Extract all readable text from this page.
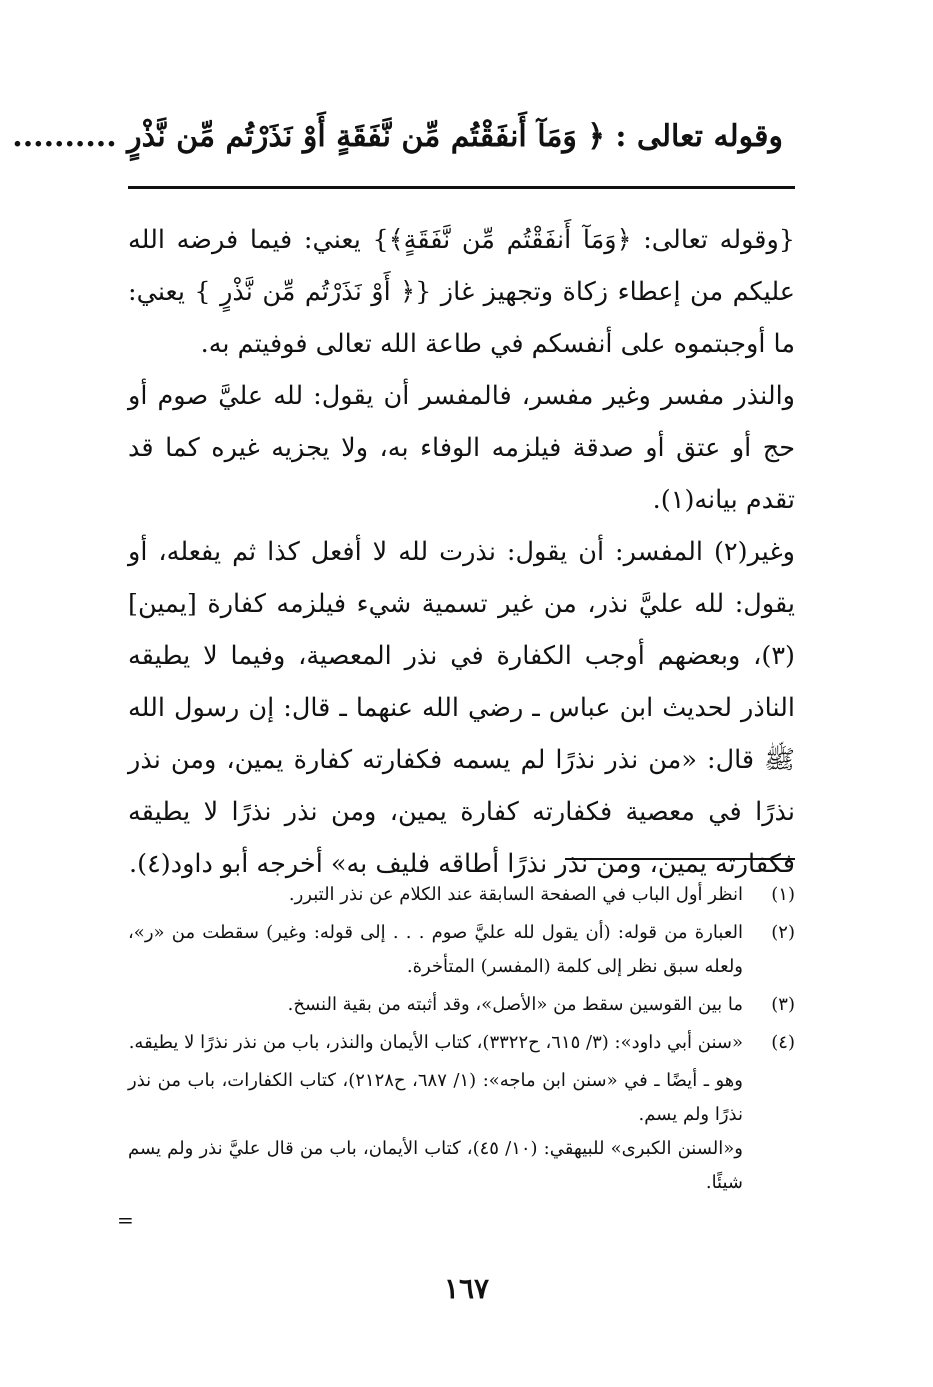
وقوله تعالى : ﴿ وَمَآ أَنفَقْتُم مِّن نَّفَقَةٍ أَوْ نَذَرْتُم مِّن نَّذْرٍ ..........

{وقوله تعالى: ﴿وَمَآ أَنفَقْتُم مِّن نَّفَقَةٍ﴾} يعني: فيما فرضه الله عليكم من إعطاء زكاة وتجهيز غاز {﴿ أَوْ نَذَرْتُم مِّن نَّذْرٍ } يعني: ما أوجبتموه على أنفسكم في طاعة الله تعالى فوفيتم به.

والنذر مفسر وغير مفسر، فالمفسر أن يقول: لله عليَّ صوم أو حج أو عتق أو صدقة فيلزمه الوفاء به، ولا يجزيه غيره كما قد تقدم بيانه(١).

وغير(٢) المفسر: أن يقول: نذرت لله لا أفعل كذا ثم يفعله، أو يقول: لله عليَّ نذر، من غير تسمية شيء فيلزمه كفارة [يمين](٣)، وبعضهم أوجب الكفارة في نذر المعصية، وفيما لا يطيقه الناذر لحديث ابن عباس ـ رضي الله عنهما ـ قال: إن رسول الله ﷺ قال: «من نذر نذرًا لم يسمه فكفارته كفارة يمين، ومن نذر نذرًا في معصية فكفارته كفارة يمين، ومن نذر نذرًا لا يطيقه فكفارته يمين، ومن نذر نذرًا أطاقه فليف به» أخرجه أبو داود(٤).

(١)
انظر أول الباب في الصفحة السابقة عند الكلام عن نذر التبرر.
(٢)
العبارة من قوله: (أن يقول لله عليَّ صوم . . . إلى قوله: وغير) سقطت من «ر»، ولعله سبق نظر إلى كلمة (المفسر) المتأخرة.
(٣)
ما بين القوسين سقط من «الأصل»، وقد أثبته من بقية النسخ.
(٤)
«سنن أبي داود»: (٣/ ٦١٥، ح٣٣٢٢)، كتاب الأيمان والنذر، باب من نذر نذرًا لا يطيقه.
وهو ـ أيضًا ـ في «سنن ابن ماجه»: (١/ ٦٨٧، ح٢١٢٨)، كتاب الكفارات، باب من نذر نذرًا ولم يسم.
و«السنن الكبرى» للبيهقي: (١٠/ ٤٥)، كتاب الأيمان، باب من قال عليَّ نذر ولم يسم شيئًا.
=
١٦٧
